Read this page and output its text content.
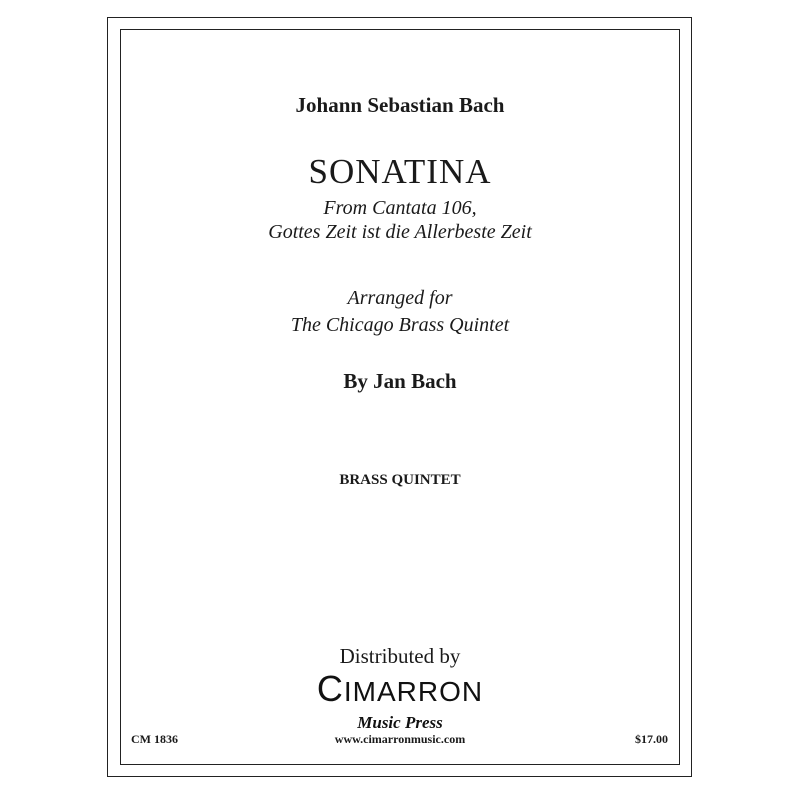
Johann Sebastian Bach
SONATINA
From Cantata 106,
Gottes Zeit ist die Allerbeste Zeit
Arranged for
The Chicago Brass Quintet
By Jan Bach
BRASS QUINTET
Distributed by
CIMARRON
Music Press
www.cimarronmusic.com
CM 1836	$17.00
